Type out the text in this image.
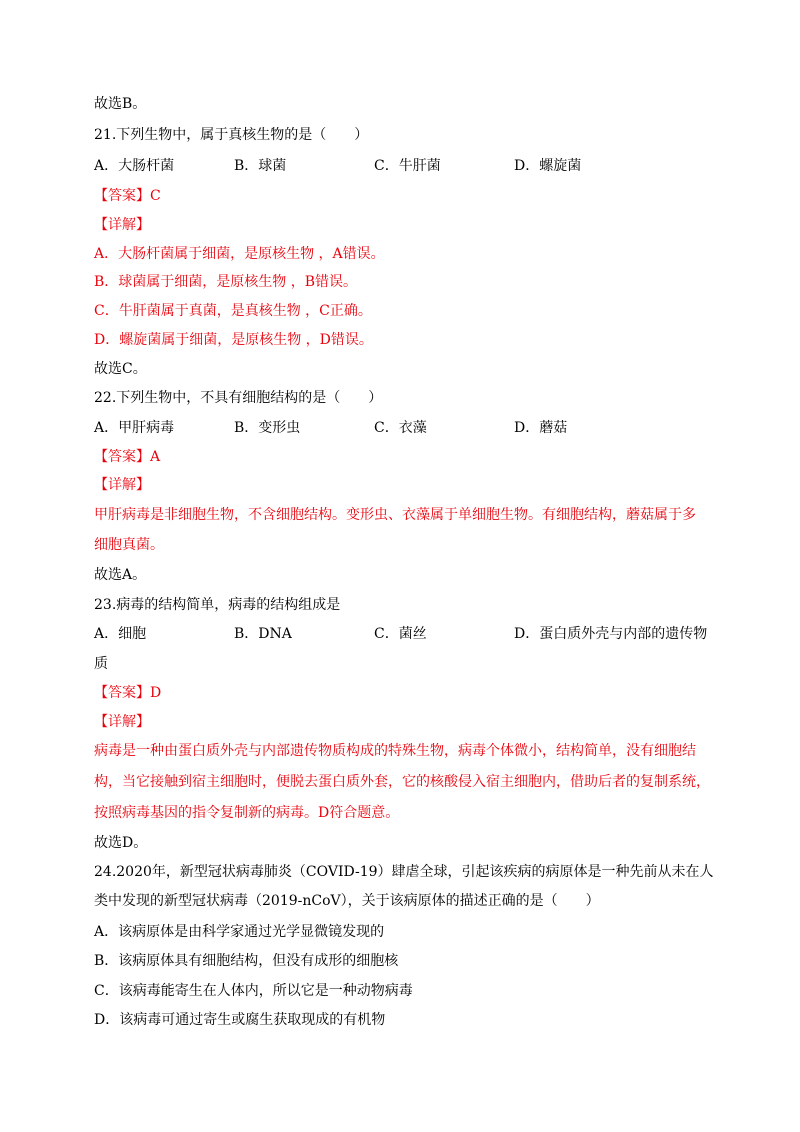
故选B。
21.下列生物中，属于真核生物的是（　　）
A．大肠杆菌	B．球菌	C．牛肝菌	D．螺旋菌
【答案】C
【详解】
A．大肠杆菌属于细菌，是原核生物 ，A错误。
B．球菌属于细菌，是原核生物 ，B错误。
C．牛肝菌属于真菌，是真核生物 ，C正确。
D．螺旋菌属于细菌，是原核生物 ，D错误。
故选C。
22.下列生物中，不具有细胞结构的是（　　）
A．甲肝病毒	B．变形虫	C．衣藻	D．蘑菇
【答案】A
【详解】
甲肝病毒是非细胞生物，不含细胞结构。变形虫、衣藻属于单细胞生物。有细胞结构，蘑菇属于多
细胞真菌。
故选A。
23.病毒的结构简单，病毒的结构组成是
A．细胞	B．DNA	C．菌丝	D．蛋白质外壳与内部的遗传物
质
【答案】D
【详解】
病毒是一种由蛋白质外壳与内部遗传物质构成的特殊生物，病毒个体微小，结构简单，没有细胞结
构，当它接触到宿主细胞时，便脱去蛋白质外套，它的核酸侵入宿主细胞内，借助后者的复制系统，
按照病毒基因的指令复制新的病毒。D符合题意。
故选D。
24.2020年，新型冠状病毒肺炎（COVID-19）肆虐全球，引起该疾病的病原体是一种先前从未在人
类中发现的新型冠状病毒（2019-nCoV），关于该病原体的描述正确的是（　　）
A．该病原体是由科学家通过光学显微镜发现的
B．该病原体具有细胞结构，但没有成形的细胞核
C．该病毒能寄生在人体内，所以它是一种动物病毒
D．该病毒可通过寄生或腐生获取现成的有机物
